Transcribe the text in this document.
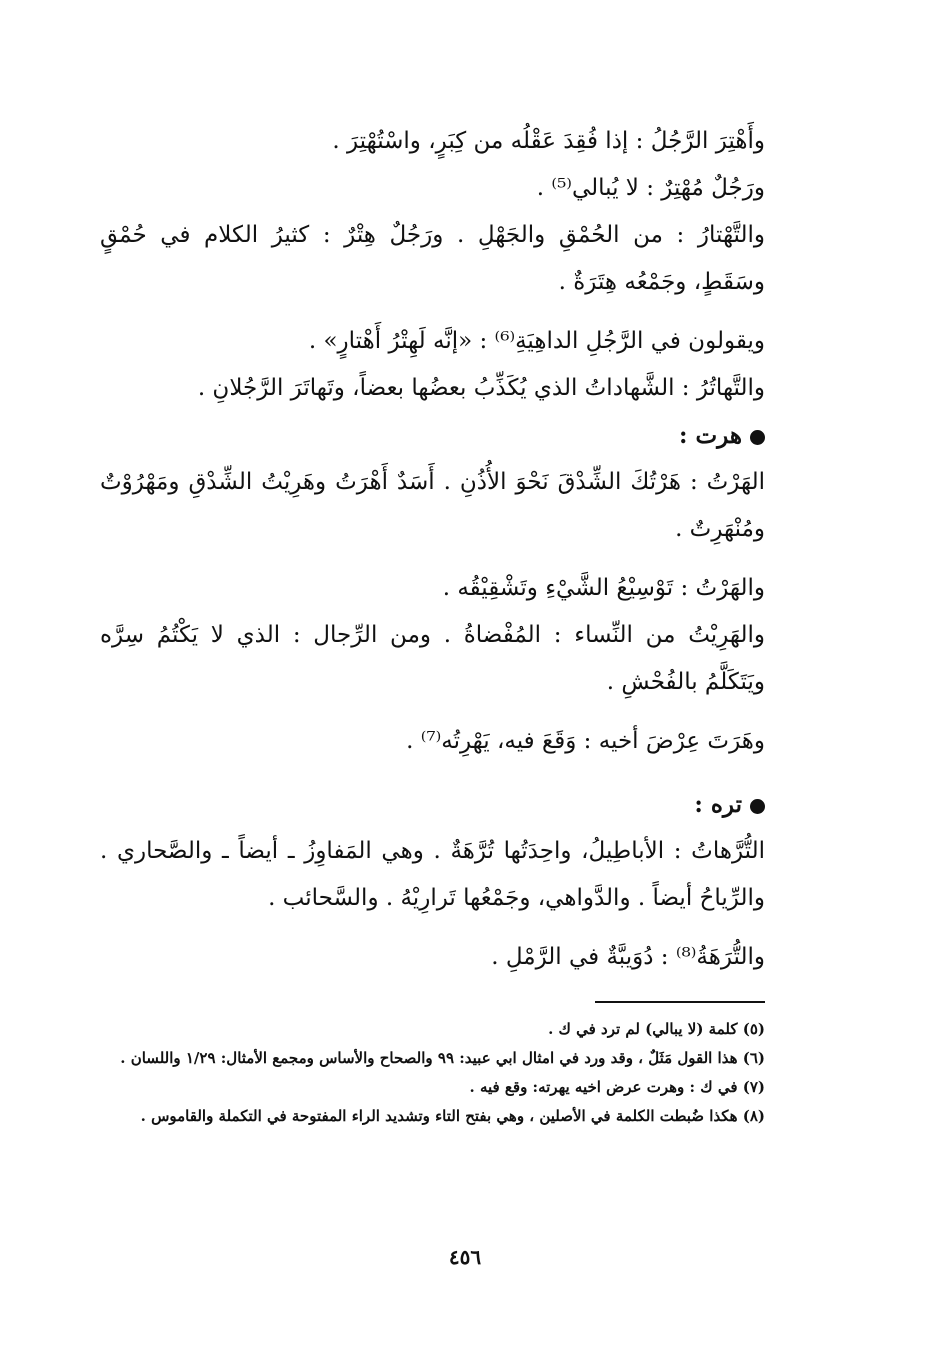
وأَهْتِرَ الرَّجُلُ : إذا فُقِدَ عَقْلُه من كِبَرٍ، واسْتُهْتِرَ .

ورَجُلٌ مُهْتِرٌ : لا يُبالي⁽⁵⁾ .

والتَّهْتارُ : من الحُمْقِ والجَهْلِ . ورَجُلٌ هِتْرٌ : كثيرُ الكلام في حُمْقٍ وسَقَطٍ، وجَمْعُه هِتَرَةٌ .

ويقولون في الرَّجُلِ الداهِيَةِ⁽⁶⁾ : «إنَّه لَهِتْرُ أَهْتارٍ» .

والتَّهاتُرُ : الشَّهاداتُ الذي يُكَذِّبُ بعضُها بعضاً، وتَهاتَرَ الرَّجُلانِ .

هرت :

الهَرْتُ : هَرْتُكَ الشِّدْقَ نَحْوَ الأُذُنِ . أَسَدٌ أَهْرَتُ وهَرِيْتُ الشِّدْقِ ومَهْرُوْتٌ ومُنْهَرِتٌ .

والهَرْتُ : تَوْسِيْعُ الشَّيْءِ وتَشْقِيْقُه .

والهَرِيْتُ من النِّساء : المُفْضاةُ . ومن الرِّجال : الذي لا يَكْتُمُ سِرَّه ويَتَكَلَّمُ بالفُحْشِ .

وهَرَتَ عِرْضَ أخيه : وَقَعَ فيه، يَهْرِتُه⁽⁷⁾ .

تره :

التُّرَّهاتُ : الأباطِيلُ، واحِدَتُها تُرَّهَةٌ . وهي المَفاوِزُ ـ أيضاً ـ والصَّحاري . والرِّياحُ أيضاً . والدَّواهي، وجَمْعُها تَرارِيْهُ . والسَّحائب .

والتُّرَهَةُ⁽⁸⁾ : دُوَيبَّةٌ في الرَّمْلِ .

(٥) كلمة (لا يبالي) لم ترد في ك .

(٦) هذا القول مَثَلٌ ، وقد ورد في امثال ابي عبيد: ٩٩ والصحاح والأساس ومجمع الأمثال: ١/٢٩ واللسان .

(٧) في ك : وهرت عرض اخيه يهرته: وقع فيه .

(٨) هكذا ضُبطت الكلمة في الأصلين ، وهي بفتح التاء وتشديد الراء المفتوحة في التكملة والقاموس .

٤٥٦
